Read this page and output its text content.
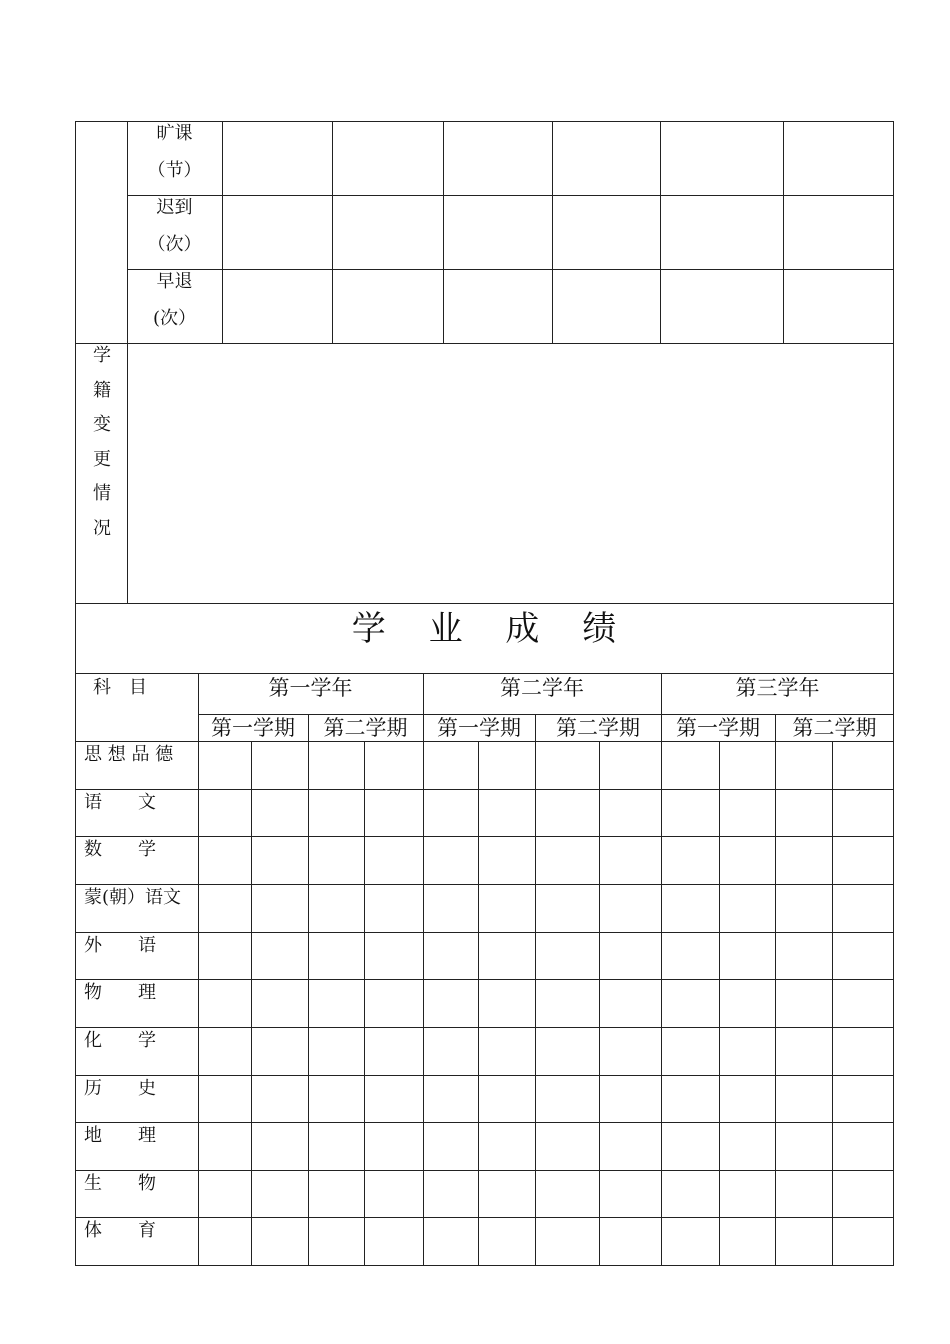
旷课
（节）
迟到
（次）
早退
(次）
学
籍
变
更
情
况
学 业 成 绩
科　目	第一学年	第二学年	第三学年
第一学期	第二学期	第一学期	第二学期	第一学期	第二学期
思 想 品 德
语　　文
数　　学
蒙(朝）语文
外　　语
物　　理
化　　学
历　　史
地　　理
生　　物
体　　育
